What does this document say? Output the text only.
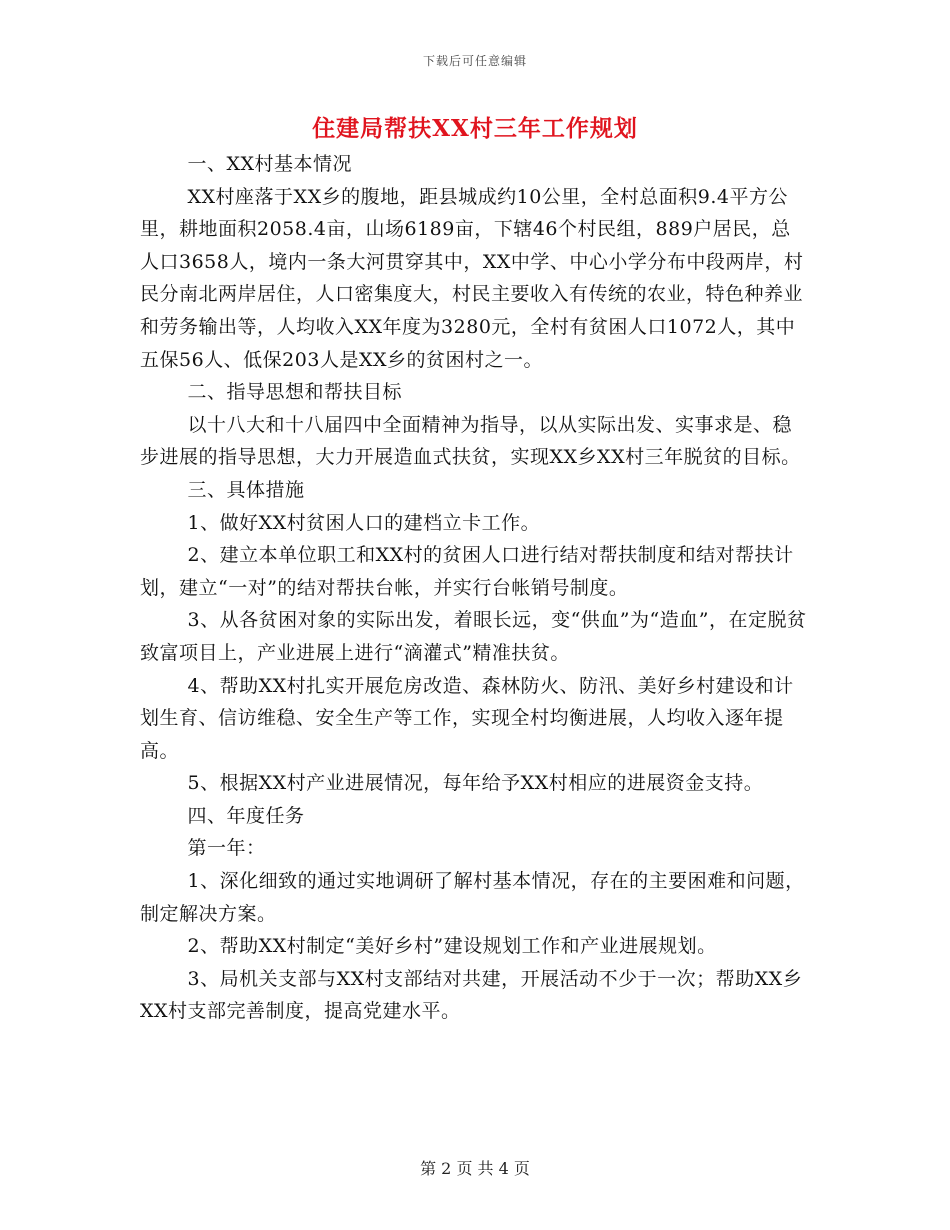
下载后可任意编辑
住建局帮扶XX村三年工作规划

一、XX村基本情况

XX村座落于XX乡的腹地，距县城成约10公里，全村总面积9.4平方公里，耕地面积2058.4亩，山场6189亩，下辖46个村民组，889户居民，总人口3658人，境内一条大河贯穿其中，XX中学、中心小学分布中段两岸，村民分南北两岸居住，人口密集度大，村民主要收入有传统的农业，特色种养业和劳务输出等，人均收入XX年度为3280元，全村有贫困人口1072人，其中五保56人、低保203人是XX乡的贫困村之一。

二、指导思想和帮扶目标

以十八大和十八届四中全面精神为指导，以从实际出发、实事求是、稳步进展的指导思想，大力开展造血式扶贫，实现XX乡XX村三年脱贫的目标。

三、具体措施

1、做好XX村贫困人口的建档立卡工作。

2、建立本单位职工和XX村的贫困人口进行结对帮扶制度和结对帮扶计划，建立“一对”的结对帮扶台帐，并实行台帐销号制度。

3、从各贫困对象的实际出发，着眼长远，变“供血”为“造血”，在定脱贫致富项目上，产业进展上进行“滴灌式”精准扶贫。

4、帮助XX村扎实开展危房改造、森林防火、防汛、美好乡村建设和计划生育、信访维稳、安全生产等工作，实现全村均衡进展，人均收入逐年提高。

5、根据XX村产业进展情况，每年给予XX村相应的进展资金支持。

四、年度任务

第一年：

1、深化细致的通过实地调研了解村基本情况，存在的主要困难和问题，制定解决方案。

2、帮助XX村制定“美好乡村”建设规划工作和产业进展规划。

3、局机关支部与XX村支部结对共建，开展活动不少于一次；帮助XX乡XX村支部完善制度，提高党建水平。

第 2 页 共 4 页
